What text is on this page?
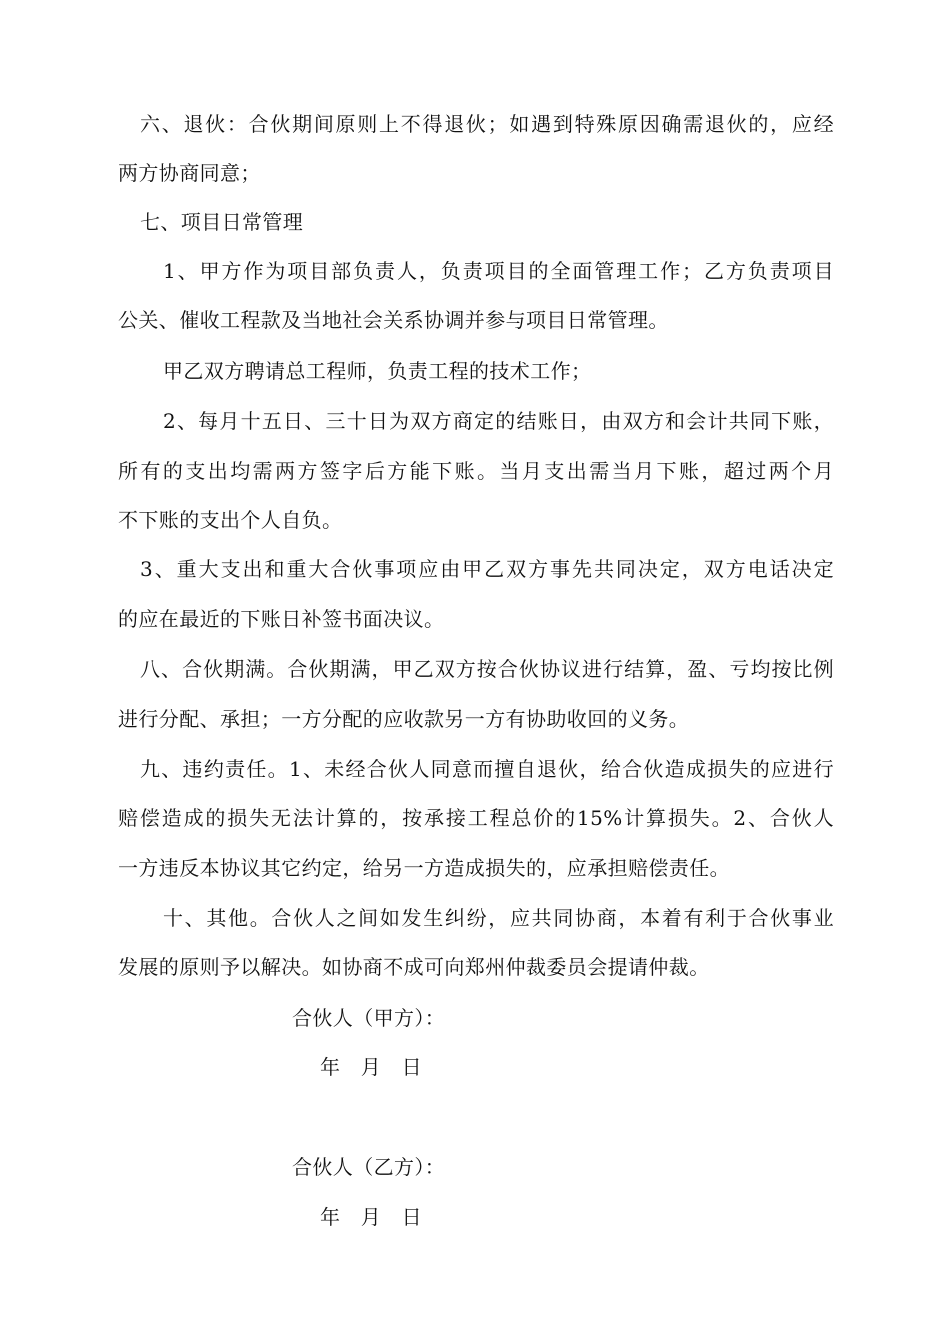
六、退伙：合伙期间原则上不得退伙；如遇到特殊原因确需退伙的，应经
两方协商同意；
七、项目日常管理
1、甲方作为项目部负责人，负责项目的全面管理工作；乙方负责项目
公关、催收工程款及当地社会关系协调并参与项目日常管理。
甲乙双方聘请总工程师，负责工程的技术工作；
2、每月十五日、三十日为双方商定的结账日，由双方和会计共同下账，
所有的支出均需两方签字后方能下账。当月支出需当月下账，超过两个月
不下账的支出个人自负。
3、重大支出和重大合伙事项应由甲乙双方事先共同决定，双方电话决定
的应在最近的下账日补签书面决议。
八、合伙期满。合伙期满，甲乙双方按合伙协议进行结算，盈、亏均按比例
进行分配、承担；一方分配的应收款另一方有协助收回的义务。
九、违约责任。1、未经合伙人同意而擅自退伙，给合伙造成损失的应进行
赔偿造成的损失无法计算的，按承接工程总价的15%计算损失。2、合伙人
一方违反本协议其它约定，给另一方造成损失的，应承担赔偿责任。
十、其他。合伙人之间如发生纠纷，应共同协商，本着有利于合伙事业
发展的原则予以解决。如协商不成可向郑州仲裁委员会提请仲裁。
合伙人（甲方）：
年　月　日
合伙人（乙方）：
年　月　日
